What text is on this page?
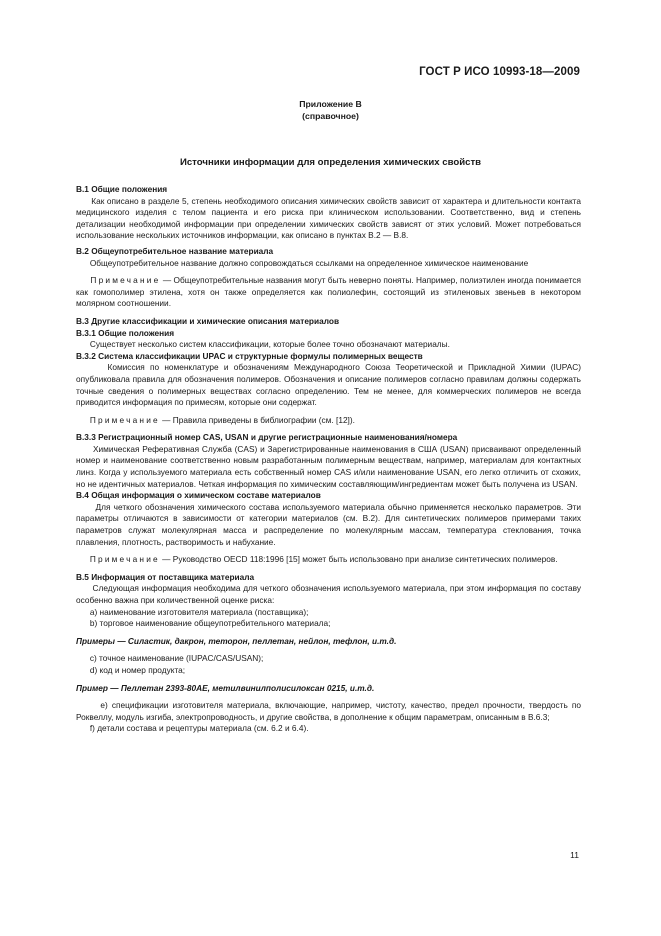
ГОСТ Р ИСО 10993-18—2009
Приложение В
(справочное)
Источники информации для определения химических свойств

В.1 Общие положения

Как описано в разделе 5, степень необходимого описания химических свойств зависит от характера и длительности контакта медицинского изделия с телом пациента и его риска при клиническом использовании. Соответственно, вид и степень детализации необходимой информации при определении химических свойств зависят от этих условий. Может потребоваться использование нескольких источников информации, как описано в пунктах В.2 — В.8.

В.2 Общеупотребительное название материала

Общеупотребительное название должно сопровождаться ссылками на определенное химическое наименование

Примечание — Общеупотребительные названия могут быть неверно поняты. Например, полиэтилен иногда понимается как гомополимер этилена, хотя он также определяется как полиолефин, состоящий из этиленовых звеньев в некотором молярном соотношении.

В.3 Другие классификации и химические описания материалов

В.3.1 Общие положения

Существует несколько систем классификации, которые более точно обозначают материалы.

В.3.2 Система классификации UPAC и структурные формулы полимерных веществ

Комиссия по номенклатуре и обозначениям Международного Союза Теоретической и Прикладной Химии (IUPAC) опубликовала правила для обозначения полимеров. Обозначения и описание полимеров согласно правилам должны содержать точные сведения о полимерных веществах согласно определению. Тем не менее, для коммерческих полимеров не всегда приводится информация по примесям, которые они содержат.

Примечание — Правила приведены в библиографии (см. [12]).

В.3.3 Регистрационный номер CAS, USAN и другие регистрационные наименования/номера

Химическая Реферативная Служба (CAS) и Зарегистрированные наименования в США (USAN) присваивают определенный номер и наименование соответственно новым разработанным полимерным веществам, например, материалам для контактных линз. Когда у используемого материала есть собственный номер CAS и/или наименование USAN, его легко отличить от схожих, но не идентичных материалов. Четкая информация по химическим составляющим/ингредиентам может быть получена из USAN.

В.4 Общая информация о химическом составе материалов

Для четкого обозначения химического состава используемого материала обычно применяется несколько параметров. Эти параметры отличаются в зависимости от категории материалов (см. В.2). Для синтетических полимеров примерами таких параметров служат молекулярная масса и распределение по молекулярным массам, температура стеклования, точка плавления, плотность, растворимость и набухание.

Примечание — Руководство OECD 118:1996 [15] может быть использовано при анализе синтетических полимеров.

В.5 Информация от поставщика материала

Следующая информация необходима для четкого обозначения используемого материала, при этом информация по составу особенно важна при количественной оценке риска:

а) наименование изготовителя материала (поставщика);

b) торговое наименование общеупотребительного материала;

Примеры — Силастик, дакрон, теторон, пеллетан, нейлон, тефлон, и.т.д.

с) точное наименование (IUPAC/CAS/USAN);

d) код и номер продукта;

Пример — Пеллетан 2393-80АЕ, метилвинилполисилоксан 0215, и.т.д.

е) спецификации изготовителя материала, включающие, например, чистоту, качество, предел прочности, твердость по Роквеллу, модуль изгиба, электропроводность, и другие свойства, в дополнение к общим параметрам, описанным в В.6.3;

f) детали состава и рецептуры материала (см. 6.2 и 6.4).

11
